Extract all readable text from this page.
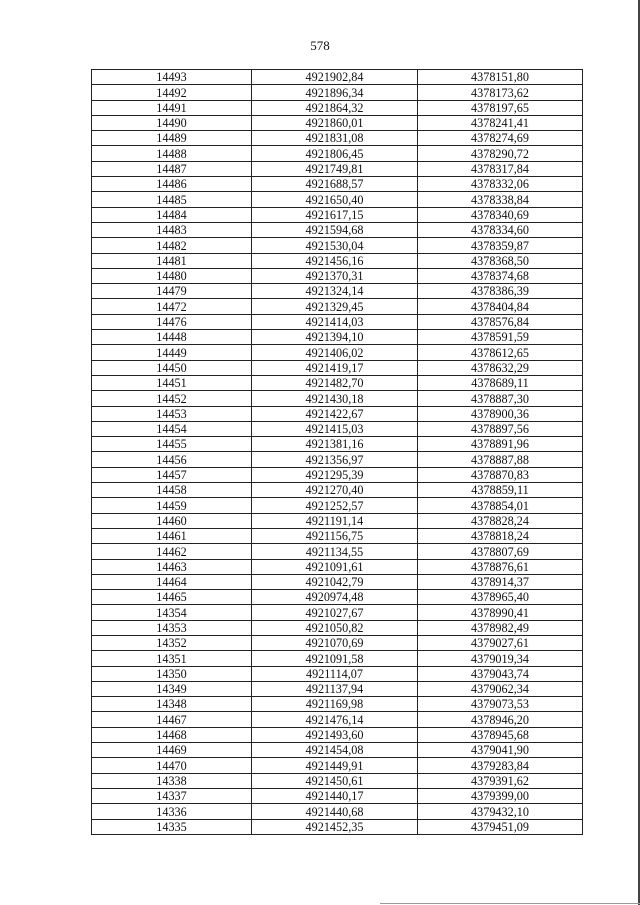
578
14493	4921902,84	4378151,80
14492	4921896,34	4378173,62
14491	4921864,32	4378197,65
14490	4921860,01	4378241,41
14489	4921831,08	4378274,69
14488	4921806,45	4378290,72
14487	4921749,81	4378317,84
14486	4921688,57	4378332,06
14485	4921650,40	4378338,84
14484	4921617,15	4378340,69
14483	4921594,68	4378334,60
14482	4921530,04	4378359,87
14481	4921456,16	4378368,50
14480	4921370,31	4378374,68
14479	4921324,14	4378386,39
14472	4921329,45	4378404,84
14476	4921414,03	4378576,84
14448	4921394,10	4378591,59
14449	4921406,02	4378612,65
14450	4921419,17	4378632,29
14451	4921482,70	4378689,11
14452	4921430,18	4378887,30
14453	4921422,67	4378900,36
14454	4921415,03	4378897,56
14455	4921381,16	4378891,96
14456	4921356,97	4378887,88
14457	4921295,39	4378870,83
14458	4921270,40	4378859,11
14459	4921252,57	4378854,01
14460	4921191,14	4378828,24
14461	4921156,75	4378818,24
14462	4921134,55	4378807,69
14463	4921091,61	4378876,61
14464	4921042,79	4378914,37
14465	4920974,48	4378965,40
14354	4921027,67	4378990,41
14353	4921050,82	4378982,49
14352	4921070,69	4379027,61
14351	4921091,58	4379019,34
14350	4921114,07	4379043,74
14349	4921137,94	4379062,34
14348	4921169,98	4379073,53
14467	4921476,14	4378946,20
14468	4921493,60	4378945,68
14469	4921454,08	4379041,90
14470	4921449,91	4379283,84
14338	4921450,61	4379391,62
14337	4921440,17	4379399,00
14336	4921440,68	4379432,10
14335	4921452,35	4379451,09
